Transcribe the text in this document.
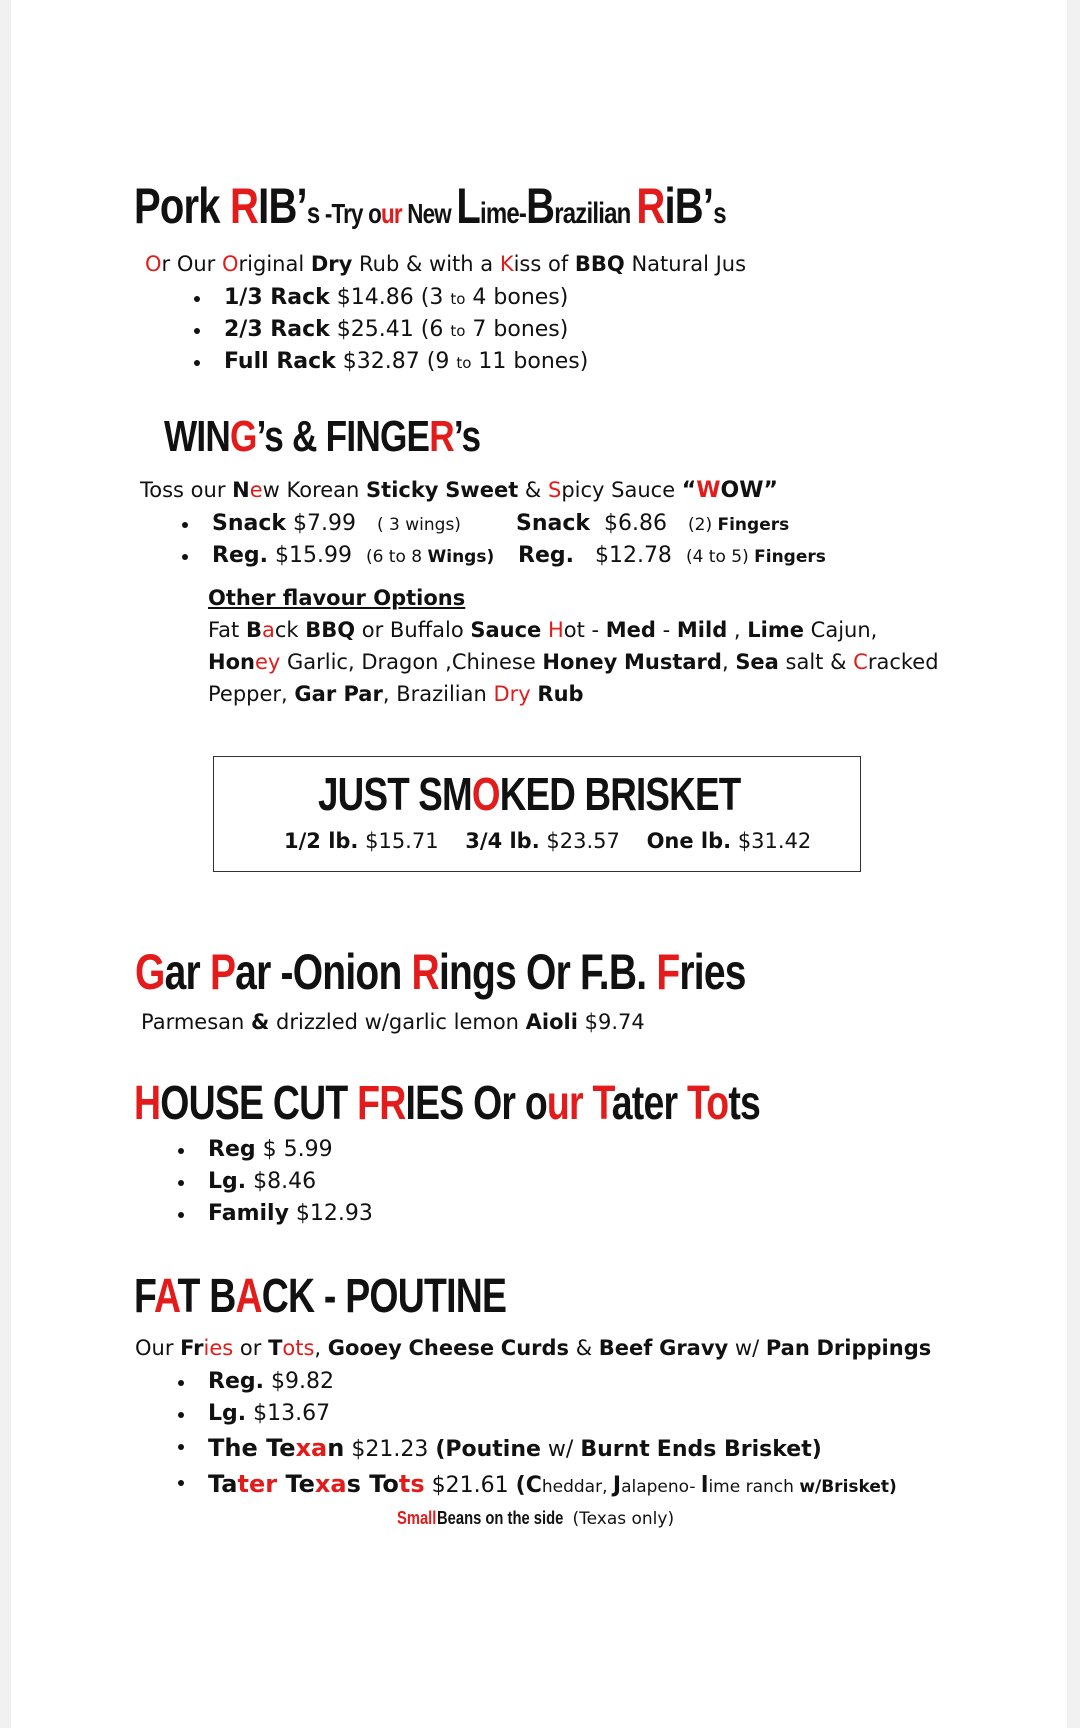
Pork RIB’s -Try our New Lime-Brazilian RiB’s
Or Our Original Dry Rub & with a Kiss of BBQ Natural Jus
1/3 Rack $14.86 (3 to 4 bones)
2/3 Rack $25.41 (6 to 7 bones)
Full Rack $32.87 (9 to 11 bones)
WING’s & FINGER’s
Toss our New Korean Sticky Sweet & Spicy Sauce “WOW”
Snack $7.99 ( 3 wings)
Reg. $15.99 (6 to 8 Wings)
Snack $6.86 (2) Fingers
Reg. $12.78 (4 to 5) Fingers
Other flavour Options
Fat Back BBQ or Buffalo Sauce Hot - Med - Mild , Lime Cajun,
Honey Garlic, Dragon ,Chinese Honey Mustard, Sea salt & Cracked
Pepper, Gar Par, Brazilian Dry Rub
JUST SMOKED BRISKET
1/2 lb. $15.71 3/4 lb. $23.57 One lb. $31.42
Gar Par -Onion Rings Or F.B. Fries
Parmesan & drizzled w/garlic lemon Aioli $9.74
HOUSE CUT FRIES Or our Tater Tots
Reg $ 5.99
Lg. $8.46
Family $12.93
FAT BACK - POUTINE
Our Fries or Tots, Gooey Cheese Curds & Beef Gravy w/ Pan Drippings
Reg. $9.82
Lg. $13.67
The Texan $21.23 (Poutine w/ Burnt Ends Brisket)
Tater Texas Tots $21.61 (Cheddar, Jalapeno- lime ranch w/Brisket)
SmallBeans on the side (Texas only)
